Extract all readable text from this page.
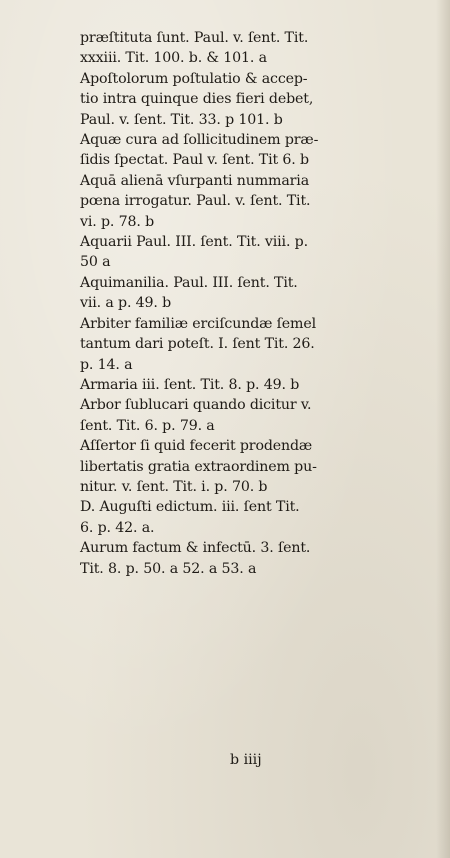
præſtituta ſunt. Paul. v. ſent. Tit.
xxxiii. Tit. 100. b. & 101. a
Apoſtolorum poſtulatio & accep-
tio intra quinque dies fieri debet,
Paul. v. ſent. Tit. 33. p 101. b
Aquæ cura ad ſollicitudinem præ-
ſidis ſpectat. Paul v. ſent. Tit 6. b
Aquā alienā vſurpanti nummaria
pœna irrogatur. Paul. v. ſent. Tit.
vi. p. 78. b
Aquarii Paul. III. ſent. Tit. viii. p.
50 a
Aquimanilia. Paul. III. ſent. Tit.
vii. a p. 49. b
Arbiter familiæ erciſcundæ ſemel
tantum dari poteſt. I. ſent Tit. 26.
p. 14. a
Armaria iii. ſent. Tit. 8. p. 49. b
Arbor ſublucari quando dicitur v.
ſent. Tit. 6. p. 79. a
Aſſertor ſi quid fecerit prodendæ
libertatis gratia extraordinem pu-
nitur. v. ſent. Tit. i. p. 70. b
D. Auguſti edictum. iii. ſent Tit.
6. p. 42. a.
Aurum factum & infectū. 3. ſent.
Tit. 8. p. 50. a 52. a 53. a
b iiij
